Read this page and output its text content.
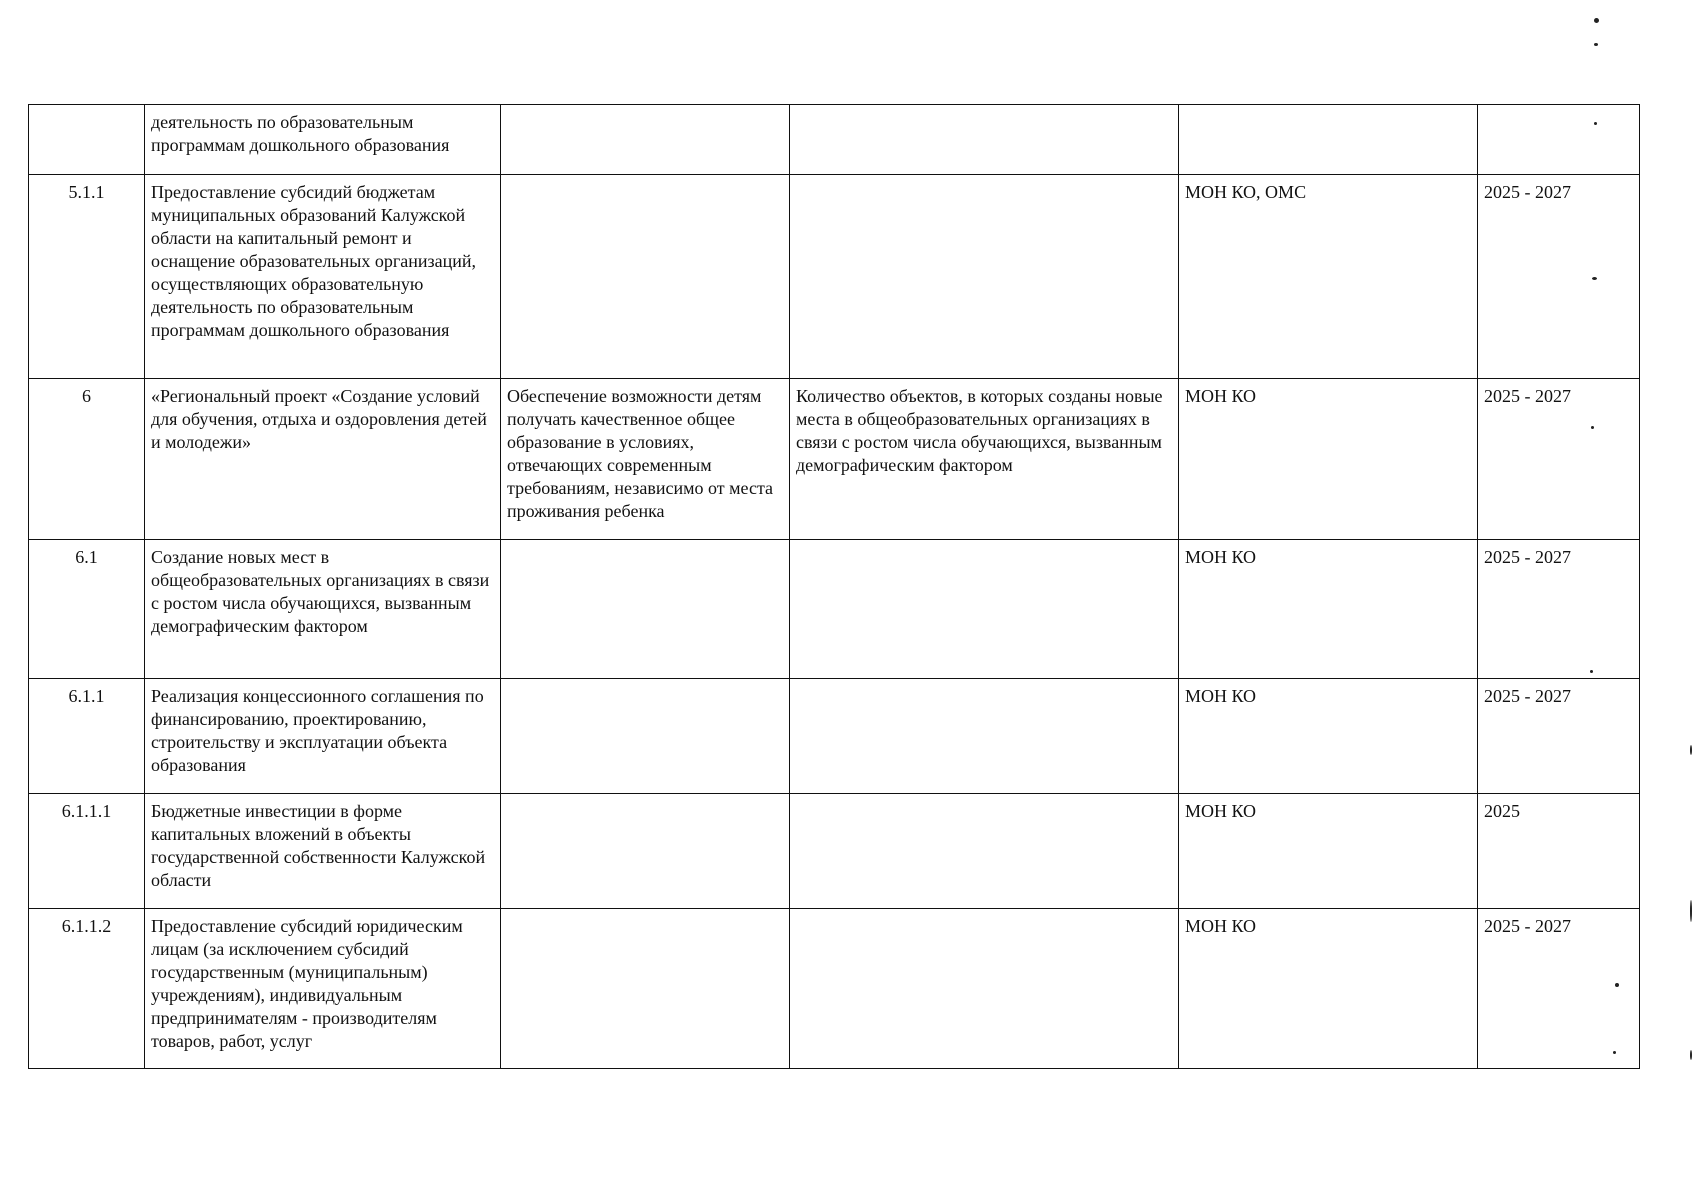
	деятельность по образовательным программам дошкольного образования				
5.1.1	Предоставление субсидий бюджетам муниципальных образований Калужской области на капитальный ремонт и оснащение образовательных организаций, осуществляющих образовательную деятельность по образовательным программам дошкольного образования			МОН КО, ОМС	2025 - 2027
6	«Региональный проект «Создание условий для обучения, отдыха и оздоровления детей и молодежи»	Обеспечение возможности детям получать качественное общее образование в условиях, отвечающих современным требованиям, независимо от места проживания ребенка	Количество объектов, в которых созданы новые места в общеобразовательных организациях в связи с ростом числа обучающихся, вызванным демографическим фактором	МОН КО	2025 - 2027
6.1	Создание новых мест в общеобразовательных организациях в связи с ростом числа обучающихся, вызванным демографическим фактором			МОН КО	2025 - 2027
6.1.1	Реализация концессионного соглашения по финансированию, проектированию, строительству и эксплуатации объекта образования			МОН КО	2025 - 2027
6.1.1.1	Бюджетные инвестиции в форме капитальных вложений в объекты государственной собственности Калужской области			МОН КО	2025
6.1.1.2	Предоставление субсидий юридическим лицам (за исключением субсидий государственным (муниципальным) учреждениям), индивидуальным предпринимателям - производителям товаров, работ, услуг			МОН КО	2025 - 2027
